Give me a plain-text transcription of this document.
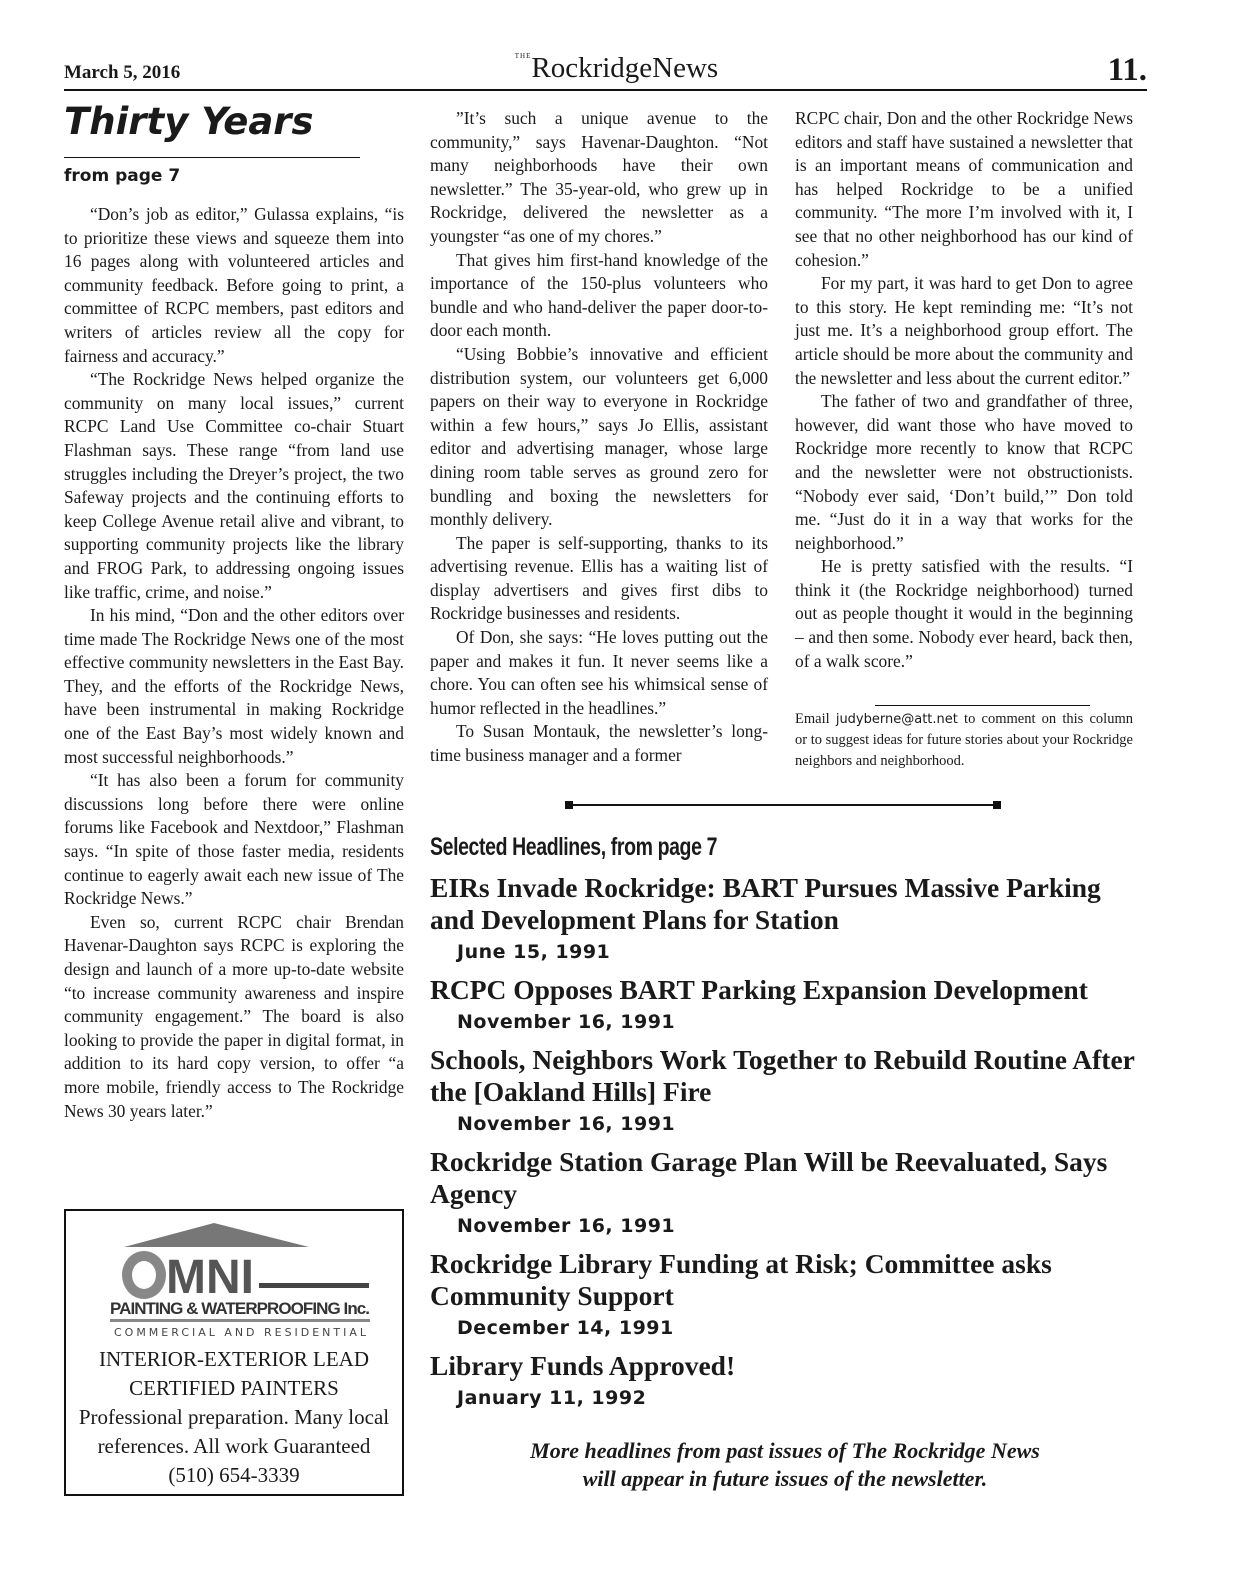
March 5, 2016
$^{THE}$RockridgeNews	11.
Thirty Years
from page 7

“Don’s job as editor,” Gulassa explains, “is to prioritize these views and squeeze them into 16 pages along with volunteered articles and community feedback. Before going to print, a committee of RCPC members, past editors and writers of articles review all the copy for fairness and accuracy.”

“The Rockridge News helped organize the community on many local issues,” current RCPC Land Use Committee co-chair Stuart Flashman says. These range “from land use struggles including the Dreyer’s project, the two Safeway projects and the continuing efforts to keep College Avenue retail alive and vibrant, to supporting community projects like the library and FROG Park, to addressing ongoing issues like traffic, crime, and noise.”

In his mind, “Don and the other editors over time made The Rockridge News one of the most effective community newsletters in the East Bay. They, and the efforts of the Rockridge News, have been instrumental in making Rockridge one of the East Bay’s most widely known and most successful neighborhoods.”

“It has also been a forum for community discussions long before there were online forums like Facebook and Nextdoor,” Flashman says. “In spite of those faster media, residents continue to eagerly await each new issue of The Rockridge News.”

Even so, current RCPC chair Brendan Havenar-Daughton says RCPC is exploring the design and launch of a more up-to-date website “to increase community awareness and inspire community engagement.” The board is also looking to provide the paper in digital format, in addition to its hard copy version, to offer “a more mobile, friendly access to The Rockridge News 30 years later.”

”It’s such a unique avenue to the community,” says Havenar-Daughton. “Not many neighborhoods have their own newsletter.” The 35-year-old, who grew up in Rockridge, delivered the newsletter as a youngster “as one of my chores.”

That gives him first-hand knowledge of the importance of the 150-plus volunteers who bundle and who hand-deliver the paper door-to-door each month.

“Using Bobbie’s innovative and efficient distribution system, our volunteers get 6,000 papers on their way to everyone in Rockridge within a few hours,” says Jo Ellis, assistant editor and advertising manager, whose large dining room table serves as ground zero for bundling and boxing the newsletters for monthly delivery.

The paper is self-supporting, thanks to its advertising revenue. Ellis has a waiting list of display advertisers and gives first dibs to Rockridge businesses and residents.

Of Don, she says: “He loves putting out the paper and makes it fun. It never seems like a chore. You can often see his whimsical sense of humor reflected in the headlines.”

To Susan Montauk, the newsletter’s long-time business manager and a former

RCPC chair, Don and the other Rockridge News editors and staff have sustained a newsletter that is an important means of communication and has helped Rockridge to be a unified community. “The more I’m involved with it, I see that no other neighborhood has our kind of cohesion.”

For my part, it was hard to get Don to agree to this story. He kept reminding me: “It’s not just me. It’s a neighborhood group effort. The article should be more about the community and the newsletter and less about the current editor.”

The father of two and grandfather of three, however, did want those who have moved to Rockridge more recently to know that RCPC and the newsletter were not obstructionists. “Nobody ever said, ‘Don’t build,’” Don told me. “Just do it in a way that works for the neighborhood.”

He is pretty satisfied with the results. “I think it (the Rockridge neighborhood) turned out as people thought it would in the beginning – and then some. Nobody ever heard, back then, of a walk score.”

Email judyberne@att.net to comment on this column or to suggest ideas for future stories about your Rockridge neighbors and neighborhood.
Selected Headlines, from page 7
EIRs Invade Rockridge: BART Pursues Massive Parking and Development Plans for Station
June 15, 1991
RCPC Opposes BART Parking Expansion Development
November 16, 1991
Schools, Neighbors Work Together to Rebuild Routine After the [Oakland Hills] Fire
November 16, 1991
Rockridge Station Garage Plan Will be Reevaluated, Says Agency
November 16, 1991
Rockridge Library Funding at Risk; Committee asks Community Support
December 14, 1991
Library Funds Approved!
January 11, 1992
More headlines from past issues of The Rockridge News
will appear in future issues of the newsletter.
MNI
PAINTING & WATERPROOFING Inc.
COMMERCIAL AND RESIDENTIAL
INTERIOR-EXTERIOR LEAD
CERTIFIED PAINTERS
Professional preparation. Many local
references. All work Guaranteed
(510) 654-3339
